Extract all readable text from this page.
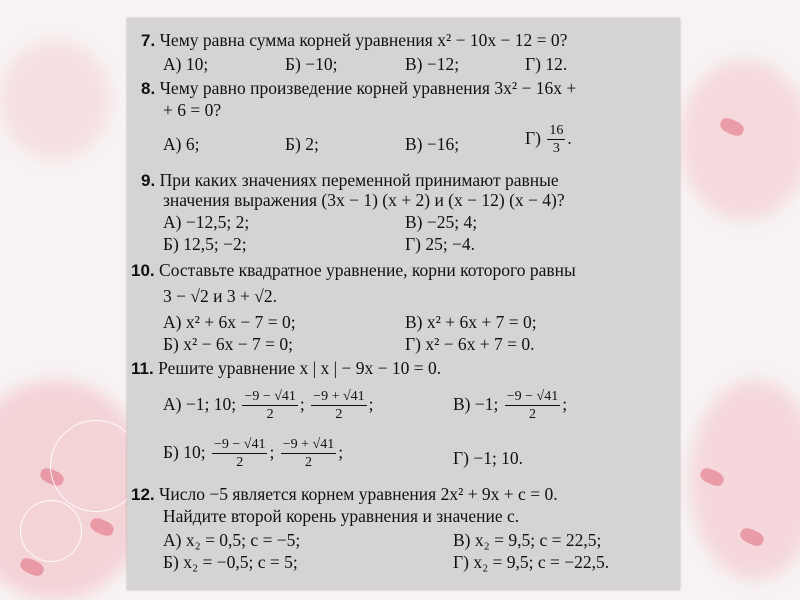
7. Чему равна сумма корней уравнения x² − 10x − 12 = 0?
А) 10;	Б) −10;	В) −12;	Г) 12.
8. Чему равно произведение корней уравнения 3x² − 16x +
+ 6 = 0?
А) 6;	Б) 2;	В) −16;	$Г) \frac{16}{3}$ .
9. При каких значениях переменной принимают равные
значения выражения (3x − 1) (x + 2) и (x − 12) (x − 4)?
А) −12,5; 2;	В) −25; 4;
Б) 12,5; −2;	Г) 25; −4.
10. Составьте квадратное уравнение, корни которого равны
3 − √2 и 3 + √2.
А) x² + 6x − 7 = 0;	В) x² + 6x + 7 = 0;
Б) x² − 6x − 7 = 0;	Г) x² − 6x + 7 = 0.
11. Решите уравнение x | x | − 9x − 10 = 0.
А) −1; 10; $\frac{-9 - √41}{2}$ ; $\frac{-9 + √41}{2}$ ;	В) −1; $\frac{-9 - √41}{2}$ ;
Б) 10; $\frac{-9 - √41}{2}$ ; $\frac{-9 + √41}{2}$ ;	Г) −1; 10.
12. Число −5 является корнем уравнения 2x² + 9x + c = 0.
Найдите второй корень уравнения и значение c.
А) x₂ = 0,5; c = −5;	В) x₂ = 9,5; c = 22,5;
Б) x₂ = −0,5; c = 5;	Г) x₂ = 9,5; c = −22,5.
